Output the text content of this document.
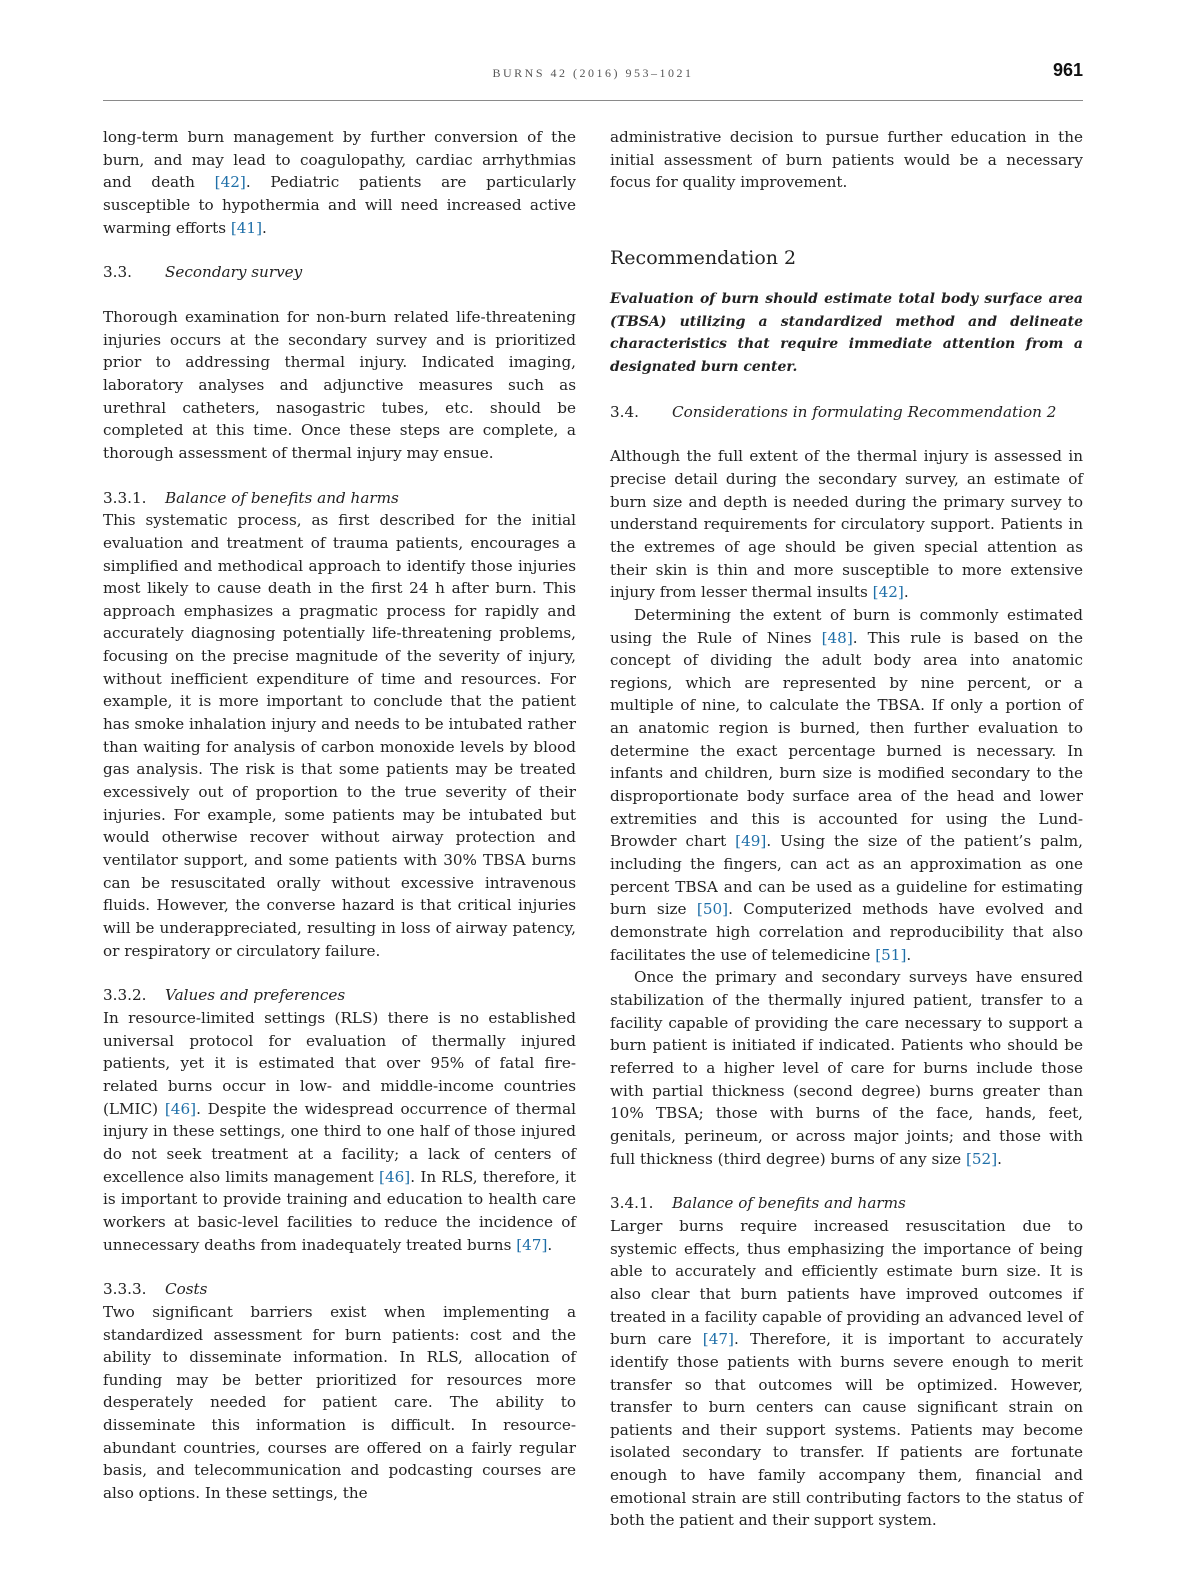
BURNS 42 (2016) 953–1021	961

long-term burn management by further conversion of the burn, and may lead to coagulopathy, cardiac arrhythmias and death [42]. Pediatric patients are particularly susceptible to hypothermia and will need increased active warming efforts [41].

3.3. Secondary survey

Thorough examination for non-burn related life-threatening injuries occurs at the secondary survey and is prioritized prior to addressing thermal injury. Indicated imaging, laboratory analyses and adjunctive measures such as urethral catheters, nasogastric tubes, etc. should be completed at this time. Once these steps are complete, a thorough assessment of thermal injury may ensue.

3.3.1. Balance of benefits and harms

This systematic process, as first described for the initial evaluation and treatment of trauma patients, encourages a simplified and methodical approach to identify those injuries most likely to cause death in the first 24 h after burn. This approach emphasizes a pragmatic process for rapidly and accurately diagnosing potentially life-threatening problems, focusing on the precise magnitude of the severity of injury, without inefficient expenditure of time and resources. For example, it is more important to conclude that the patient has smoke inhalation injury and needs to be intubated rather than waiting for analysis of carbon monoxide levels by blood gas analysis. The risk is that some patients may be treated excessively out of proportion to the true severity of their injuries. For example, some patients may be intubated but would otherwise recover without airway protection and ventilator support, and some patients with 30% TBSA burns can be resuscitated orally without excessive intravenous fluids. However, the converse hazard is that critical injuries will be underappreciated, resulting in loss of airway patency, or respiratory or circulatory failure.

3.3.2. Values and preferences

In resource-limited settings (RLS) there is no established universal protocol for evaluation of thermally injured patients, yet it is estimated that over 95% of fatal fire-related burns occur in low- and middle-income countries (LMIC) [46]. Despite the widespread occurrence of thermal injury in these settings, one third to one half of those injured do not seek treatment at a facility; a lack of centers of excellence also limits management [46]. In RLS, therefore, it is important to provide training and education to health care workers at basic-level facilities to reduce the incidence of unnecessary deaths from inadequately treated burns [47].

3.3.3. Costs

Two significant barriers exist when implementing a standardized assessment for burn patients: cost and the ability to disseminate information. In RLS, allocation of funding may be better prioritized for resources more desperately needed for patient care. The ability to disseminate this information is difficult. In resource-abundant countries, courses are offered on a fairly regular basis, and telecommunication and podcasting courses are also options. In these settings, the

administrative decision to pursue further education in the initial assessment of burn patients would be a necessary focus for quality improvement.

Recommendation 2

Evaluation of burn should estimate total body surface area (TBSA) utilizing a standardized method and delineate characteristics that require immediate attention from a designated burn center.

3.4. Considerations in formulating Recommendation 2

Although the full extent of the thermal injury is assessed in precise detail during the secondary survey, an estimate of burn size and depth is needed during the primary survey to understand requirements for circulatory support. Patients in the extremes of age should be given special attention as their skin is thin and more susceptible to more extensive injury from lesser thermal insults [42].

Determining the extent of burn is commonly estimated using the Rule of Nines [48]. This rule is based on the concept of dividing the adult body area into anatomic regions, which are represented by nine percent, or a multiple of nine, to calculate the TBSA. If only a portion of an anatomic region is burned, then further evaluation to determine the exact percentage burned is necessary. In infants and children, burn size is modified secondary to the disproportionate body surface area of the head and lower extremities and this is accounted for using the Lund-Browder chart [49]. Using the size of the patient’s palm, including the fingers, can act as an approximation as one percent TBSA and can be used as a guideline for estimating burn size [50]. Computerized methods have evolved and demonstrate high correlation and reproducibility that also facilitates the use of telemedicine [51].

Once the primary and secondary surveys have ensured stabilization of the thermally injured patient, transfer to a facility capable of providing the care necessary to support a burn patient is initiated if indicated. Patients who should be referred to a higher level of care for burns include those with partial thickness (second degree) burns greater than 10% TBSA; those with burns of the face, hands, feet, genitals, perineum, or across major joints; and those with full thickness (third degree) burns of any size [52].

3.4.1. Balance of benefits and harms

Larger burns require increased resuscitation due to systemic effects, thus emphasizing the importance of being able to accurately and efficiently estimate burn size. It is also clear that burn patients have improved outcomes if treated in a facility capable of providing an advanced level of burn care [47]. Therefore, it is important to accurately identify those patients with burns severe enough to merit transfer so that outcomes will be optimized. However, transfer to burn centers can cause significant strain on patients and their support systems. Patients may become isolated secondary to transfer. If patients are fortunate enough to have family accompany them, financial and emotional strain are still contributing factors to the status of both the patient and their support system.
